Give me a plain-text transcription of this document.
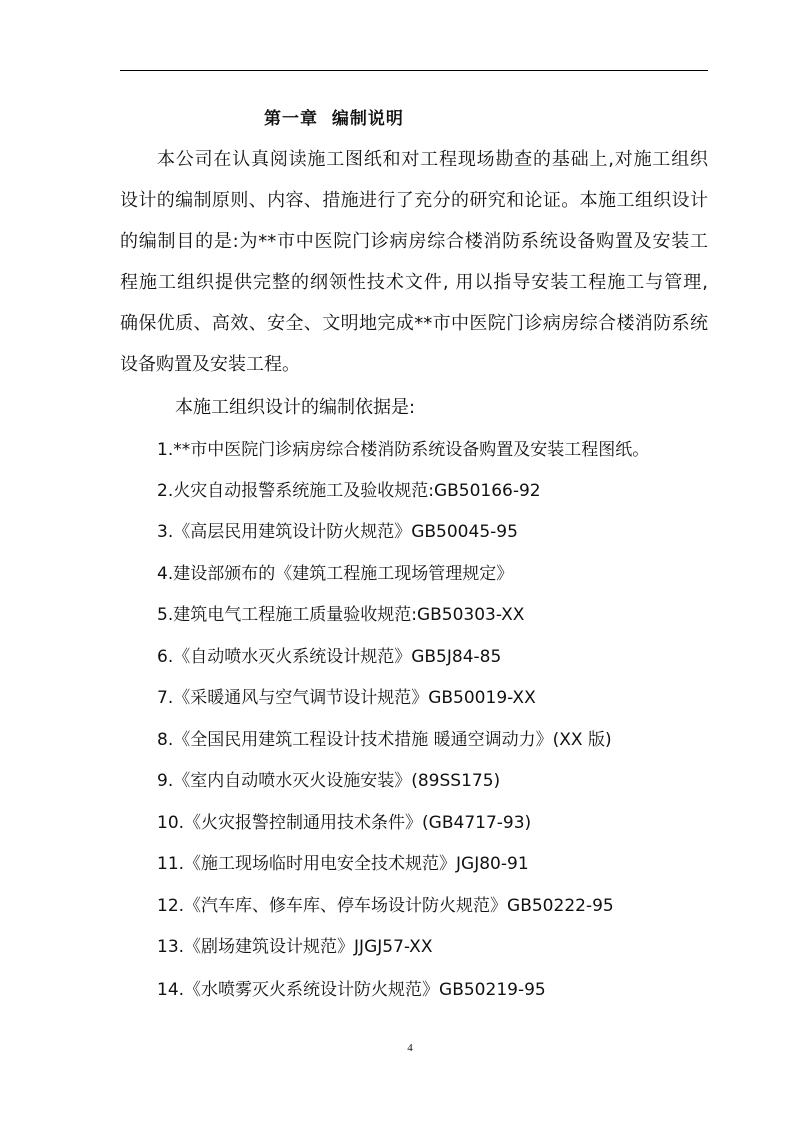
第一章  编制说明
本公司在认真阅读施工图纸和对工程现场勘查的基础上,对施工组织
设计的编制原则、内容、措施进行了充分的研究和论证。本施工组织设计
的编制目的是:为**市中医院门诊病房综合楼消防系统设备购置及安装工
程施工组织提供完整的纲领性技术文件, 用以指导安装工程施工与管理,
确保优质、高效、安全、文明地完成**市中医院门诊病房综合楼消防系统
设备购置及安装工程。
本施工组织设计的编制依据是:
1.**市中医院门诊病房综合楼消防系统设备购置及安装工程图纸。
2.火灾自动报警系统施工及验收规范:GB50166-92
3.《高层民用建筑设计防火规范》GB50045-95
4.建设部颁布的《建筑工程施工现场管理规定》
5.建筑电气工程施工质量验收规范:GB50303-XX
6.《自动喷水灭火系统设计规范》GB5J84-85
7.《采暖通风与空气调节设计规范》GB50019-XX
8.《全国民用建筑工程设计技术措施 暖通空调动力》(XX 版)
9.《室内自动喷水灭火设施安装》(89SS175)
10.《火灾报警控制通用技术条件》(GB4717-93)
11.《施工现场临时用电安全技术规范》JGJ80-91
12.《汽车库、修车库、停车场设计防火规范》GB50222-95
13.《剧场建筑设计规范》JJGJ57-XX
14.《水喷雾灭火系统设计防火规范》GB50219-95
4
